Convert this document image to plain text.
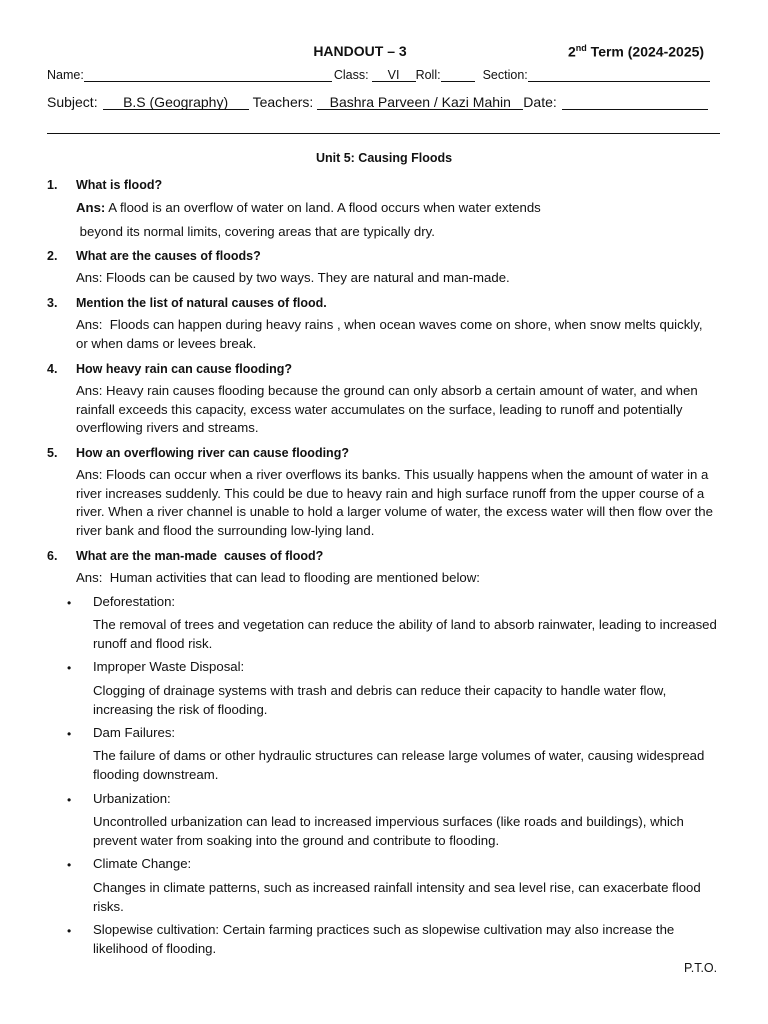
HANDOUT – 3	2nd Term (2024-2025)
Name:	Class:	VI	Roll:	Section:
Subject:	B.S (Geography)	Teachers:	Bashra Parveen / Kazi Mahin Date:
Unit 5: Causing Floods
1. What is flood?
Ans: A flood is an overflow of water on land. A flood occurs when water extends
beyond its normal limits, covering areas that are typically dry.
2. What are the causes of floods?
Ans: Floods can be caused by two ways. They are natural and man-made.
3. Mention the list of natural causes of flood.
Ans:  Floods can happen during heavy rains , when ocean waves come on shore, when snow melts quickly, or when dams or levees break.
4. How heavy rain can cause flooding?
Ans: Heavy rain causes flooding because the ground can only absorb a certain amount of water, and when rainfall exceeds this capacity, excess water accumulates on the surface, leading to runoff and potentially overflowing rivers and streams.
5. How an overflowing river can cause flooding?
Ans: Floods can occur when a river overflows its banks. This usually happens when the amount of water in a river increases suddenly. This could be due to heavy rain and high surface runoff from the upper course of a river. When a river channel is unable to hold a larger volume of water, the excess water will then flow over the river bank and flood the surrounding low-lying land.
6. What are the man-made  causes of flood?
Ans:  Human activities that can lead to flooding are mentioned below:
• Deforestation:
The removal of trees and vegetation can reduce the ability of land to absorb rainwater, leading to increased runoff and flood risk.
• Improper Waste Disposal:
Clogging of drainage systems with trash and debris can reduce their capacity to handle water flow, increasing the risk of flooding.
• Dam Failures:
The failure of dams or other hydraulic structures can release large volumes of water, causing widespread flooding downstream.
• Urbanization:
Uncontrolled urbanization can lead to increased impervious surfaces (like roads and buildings), which prevent water from soaking into the ground and contribute to flooding.
• Climate Change:
Changes in climate patterns, such as increased rainfall intensity and sea level rise, can exacerbate flood risks.
• Slopewise cultivation: Certain farming practices such as slopewise cultivation may also increase the likelihood of flooding.
P.T.O.
